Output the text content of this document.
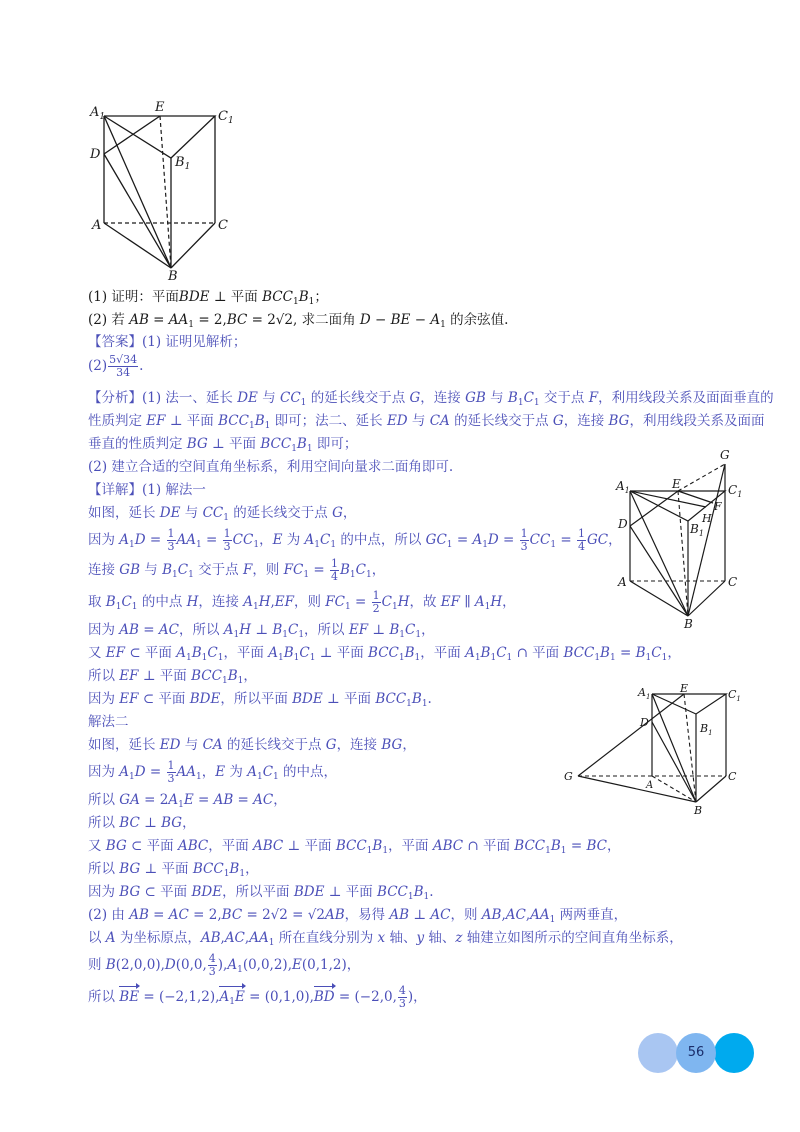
$A_1$
E
$C_1$
D
$B_1$
A	C
B
G
$A_1$	E	$C_1$
F
H
D	$B_1$
A	C
B
$A_1$
E	$C_1$
D	$B_1$
G
A
C
B
(1) 证明：平面BDE ⊥ 平面 $BCC_1B_1$；
(2) 若 AB = $AA_1 = 2,BC = 2√2$, 求二面角 D − BE − $A_1$ 的余弦值.
【答案】(1) 证明见解析；
$(2) \frac{5√34}{34}$ .
【分析】(1) 法一、延长 DE 与 $CC_1$ 的延长线交于点 G，连接 GB 与 $B_1C_1$ 交于点 F，利用线段关系及面面垂直的
性质判定 EF ⊥ 平面 $BCC_1B_1$ 即可；法二、延长 ED 与 CA 的延长线交于点 G，连接 BG，利用线段关系及面面
垂直的性质判定 BG ⊥ 平面 $BCC_1B_1$ 即可；
(2) 建立合适的空间直角坐标系，利用空间向量求二面角即可.
【详解】(1) 解法一
如图，延长 DE 与 $CC_1$ 的延长线交于点 G，
因为 $A_1D = \frac{1}{3} AA_1 = \frac{1}{3} CC_1$，E 为 $A_1C_1$ 的中点，所以 $GC_1 = A_1D = \frac{1}{3} CC_1 = \frac{1}{4}$ GC，
连接 GB 与 $B_1C_1$ 交于点 F，则 $FC_1 = \frac{1}{4} B_1C_1$，
取 $B_1C_1$ 的中点 H，连接 $A_1H,EF$，则 $FC_1 = \frac{1}{2} C_1H$，故 EF ∥ $A_1H$，
因为 AB = AC，所以 $A_1H$ ⊥ $B_1C_1$，所以 EF ⊥ $B_1C_1$，
又 EF ⊂ 平面 $A_1B_1C_1$，平面 $A_1B_1C_1$ ⊥ 平面 $BCC_1B_1$，平面 $A_1B_1C_1$ ∩ 平面 $BCC_1B_1 = B_1C_1$，
所以 EF ⊥ 平面 $BCC_1B_1$，
因为 EF ⊂ 平面 BDE，所以平面 BDE ⊥ 平面 $BCC_1B_1$.
解法二
如图，延长 ED 与 CA 的延长线交于点 G，连接 BG，
因为 $A_1D = \frac{1}{3} AA_1$，E 为 $A_1C_1$ 的中点，
所以 GA = $2A_1E$ = AB = AC，
所以 BC ⊥ BG，
又 BG ⊂ 平面 ABC，平面 ABC ⊥ 平面 $BCC_1B_1$，平面 ABC ∩ 平面 $BCC_1B_1$ = BC，
所以 BG ⊥ 平面 $BCC_1B_1$，
因为 BG ⊂ 平面 BDE，所以平面 BDE ⊥ 平面 $BCC_1B_1$.
(2) 由 AB = AC = 2,BC = 2√2 = √2AB，易得 AB ⊥ AC，则 $AB,AC,AA_1$ 两两垂直，
以 A 为坐标原点，$AB,AC,AA_1$ 所在直线分别为 x 轴、y 轴、z 轴建立如图所示的空间直角坐标系，
则 B(2,0,0),D(0,0, $\frac{4}{3} ),A_1(0,0,2),E(0,1,2)$，
所以 BE = $(-2,1,2),A_1E = (0,1,0),BD = (-2,0$, $\frac{4}{3}$ )，
56
